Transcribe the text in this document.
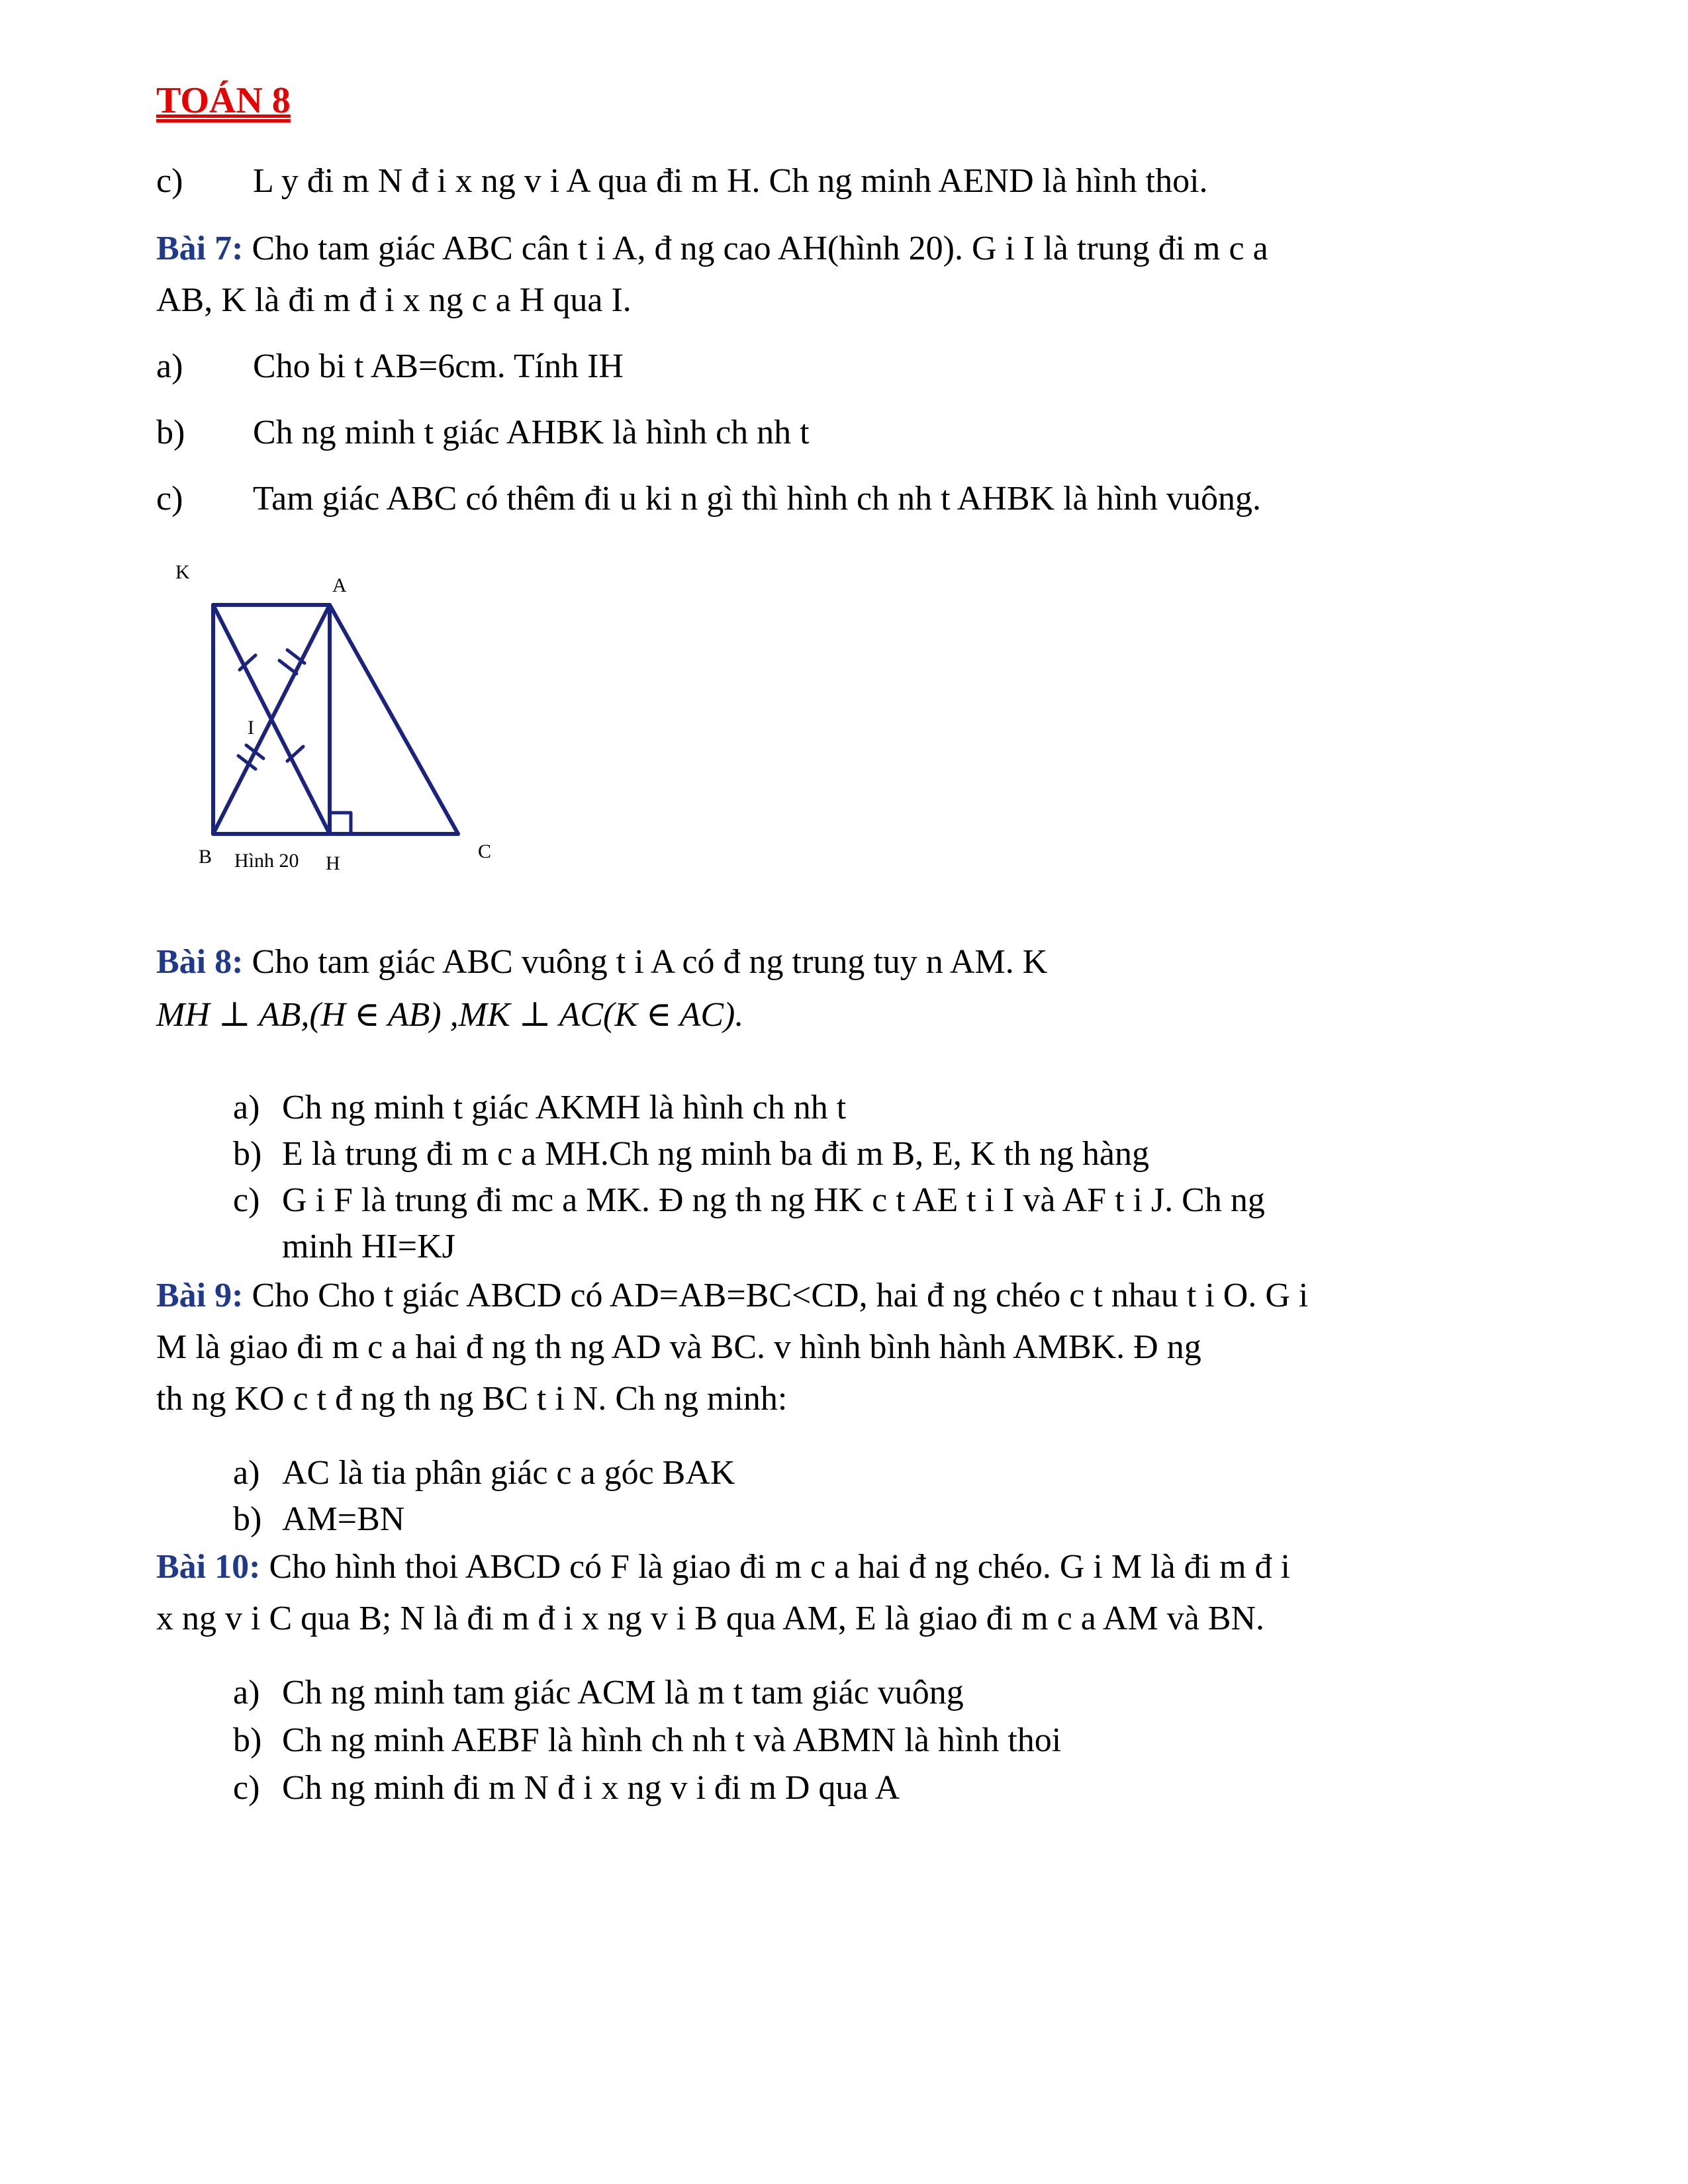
TOÁN 8
c) L y đi m N đ i x ng v i A qua đi m H. Ch ng minh AEND là hình thoi.
Bài 7: Cho tam giác ABC cân t i A, đ ng cao AH(hình 20). G i I là trung đi m c a
AB, K là đi m đ i x ng c a H qua I.
a) Cho bi t AB=6cm. Tính IH
b) Ch ng minh t giác AHBK là hình ch nh t
c) Tam giác ABC có thêm đi u ki n gì thì hình ch nh t AHBK là hình vuông.
K
A
I
B Hình 20 H
C
Bài 8: Cho tam giác ABC vuông t i A có đ ng trung tuy n AM. K
MH ⊥ AB,(H ∈ AB) ,MK ⊥ AC(K ∈ AC).
a) Ch ng minh t giác AKMH là hình ch nh t
b) E là trung đi m c a MH.Ch ng minh ba đi m B, E, K th ng hàng
c) G i F là trung đi mc a MK. Đ ng th ng HK c t AE t i I và AF t i J. Ch ng
minh HI=KJ
Bài 9: Cho Cho t giác ABCD có AD=AB=BC<CD, hai đ ng chéo c t nhau t i O. G i
M là giao đi m c a hai đ ng th ng AD và BC. v hình bình hành AMBK. Đ ng
th ng KO c t đ ng th ng BC t i N. Ch ng minh:
a) AC là tia phân giác c a góc BAK
b) AM=BN
Bài 10: Cho hình thoi ABCD có F là giao đi m c a hai đ ng chéo. G i M là đi m đ i
x ng v i C qua B; N là đi m đ i x ng v i B qua AM, E là giao đi m c a AM và BN.
a) Ch ng minh tam giác ACM là m t tam giác vuông
b) Ch ng minh AEBF là hình ch nh t và ABMN là hình thoi
c) Ch ng minh đi m N đ i x ng v i đi m D qua A
